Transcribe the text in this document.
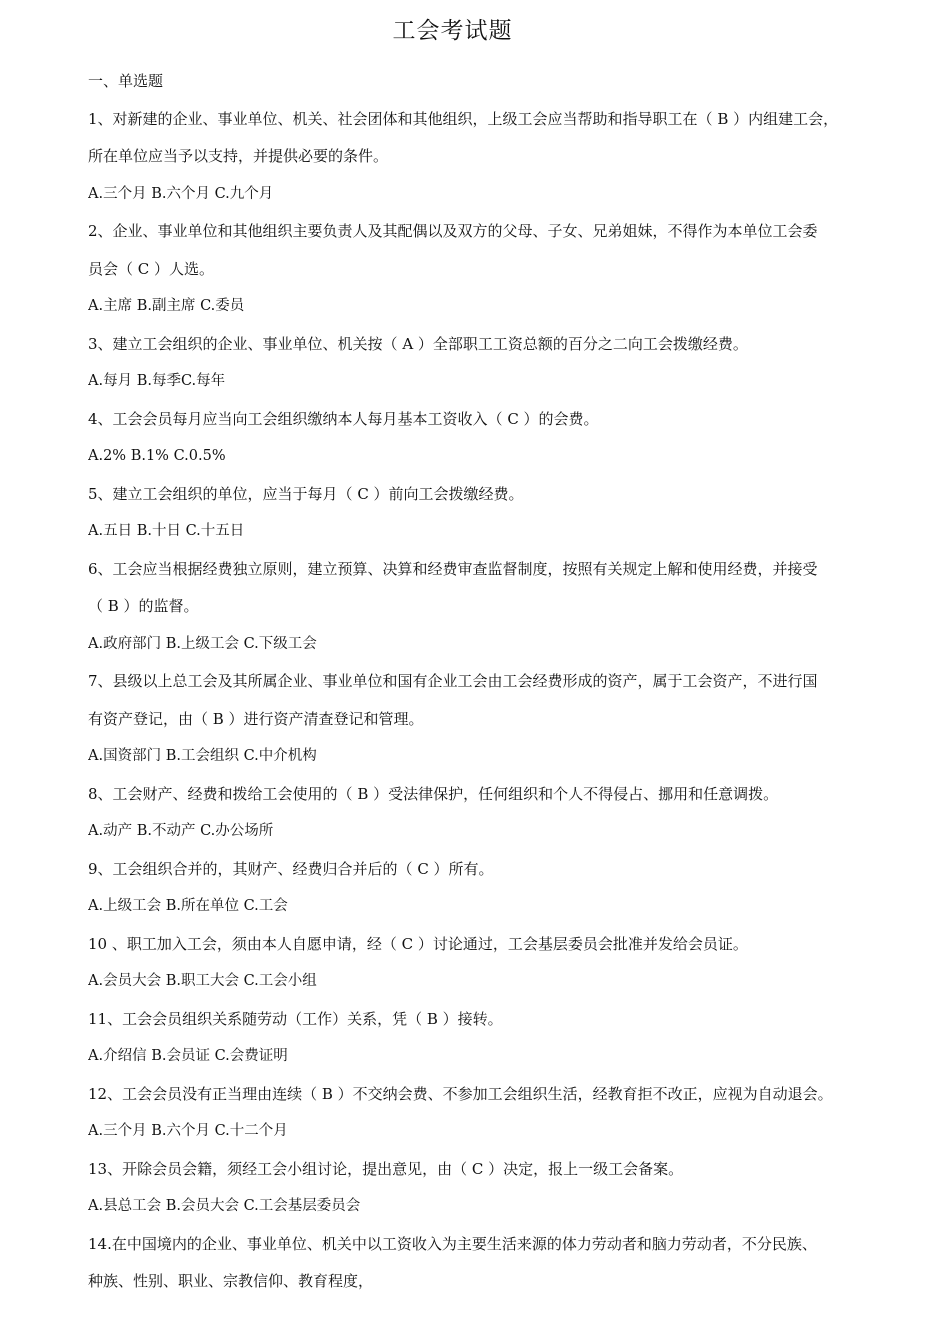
工会考试题
一、单选题
1、对新建的企业、事业单位、机关、社会团体和其他组织，上级工会应当帮助和指导职工在（ B ）内组建工会，
所在单位应当予以支持，并提供必要的条件。
A.三个月 B.六个月 C.九个月
2、企业、事业单位和其他组织主要负责人及其配偶以及双方的父母、子女、兄弟姐妹，不得作为本单位工会委
员会（ C ）人选。
A.主席 B.副主席 C.委员
3、建立工会组织的企业、事业单位、机关按（ A ）全部职工工资总额的百分之二向工会拨缴经费。
A.每月 B.每季C.每年
4、工会会员每月应当向工会组织缴纳本人每月基本工资收入（ C ）的会费。
A.2% B.1% C.0.5%
5、建立工会组织的单位，应当于每月（ C ）前向工会拨缴经费。
A.五日 B.十日 C.十五日
6、工会应当根据经费独立原则，建立预算、决算和经费审查监督制度，按照有关规定上解和使用经费，并接受
（ B ）的监督。
A.政府部门 B.上级工会 C.下级工会
7、县级以上总工会及其所属企业、事业单位和国有企业工会由工会经费形成的资产，属于工会资产，不进行国
有资产登记，由（ B ）进行资产清查登记和管理。
A.国资部门 B.工会组织 C.中介机构
8、工会财产、经费和拨给工会使用的（ B ）受法律保护，任何组织和个人不得侵占、挪用和任意调拨。
A.动产 B.不动产 C.办公场所
9、工会组织合并的，其财产、经费归合并后的（ C ）所有。
A.上级工会 B.所在单位 C.工会
10 、职工加入工会，须由本人自愿申请，经（ C ）讨论通过，工会基层委员会批准并发给会员证。
A.会员大会 B.职工大会 C.工会小组
11、工会会员组织关系随劳动（工作）关系，凭（ B ）接转。
A.介绍信 B.会员证 C.会费证明
12、工会会员没有正当理由连续（ B ）不交纳会费、不参加工会组织生活，经教育拒不改正，应视为自动退会。
A.三个月 B.六个月 C.十二个月
13、开除会员会籍，须经工会小组讨论，提出意见，由（ C ）决定，报上一级工会备案。
A.县总工会 B.会员大会 C.工会基层委员会
14.在中国境内的企业、事业单位、机关中以工资收入为主要生活来源的体力劳动者和脑力劳动者，不分民族、
种族、性别、职业、宗教信仰、教育程度，
